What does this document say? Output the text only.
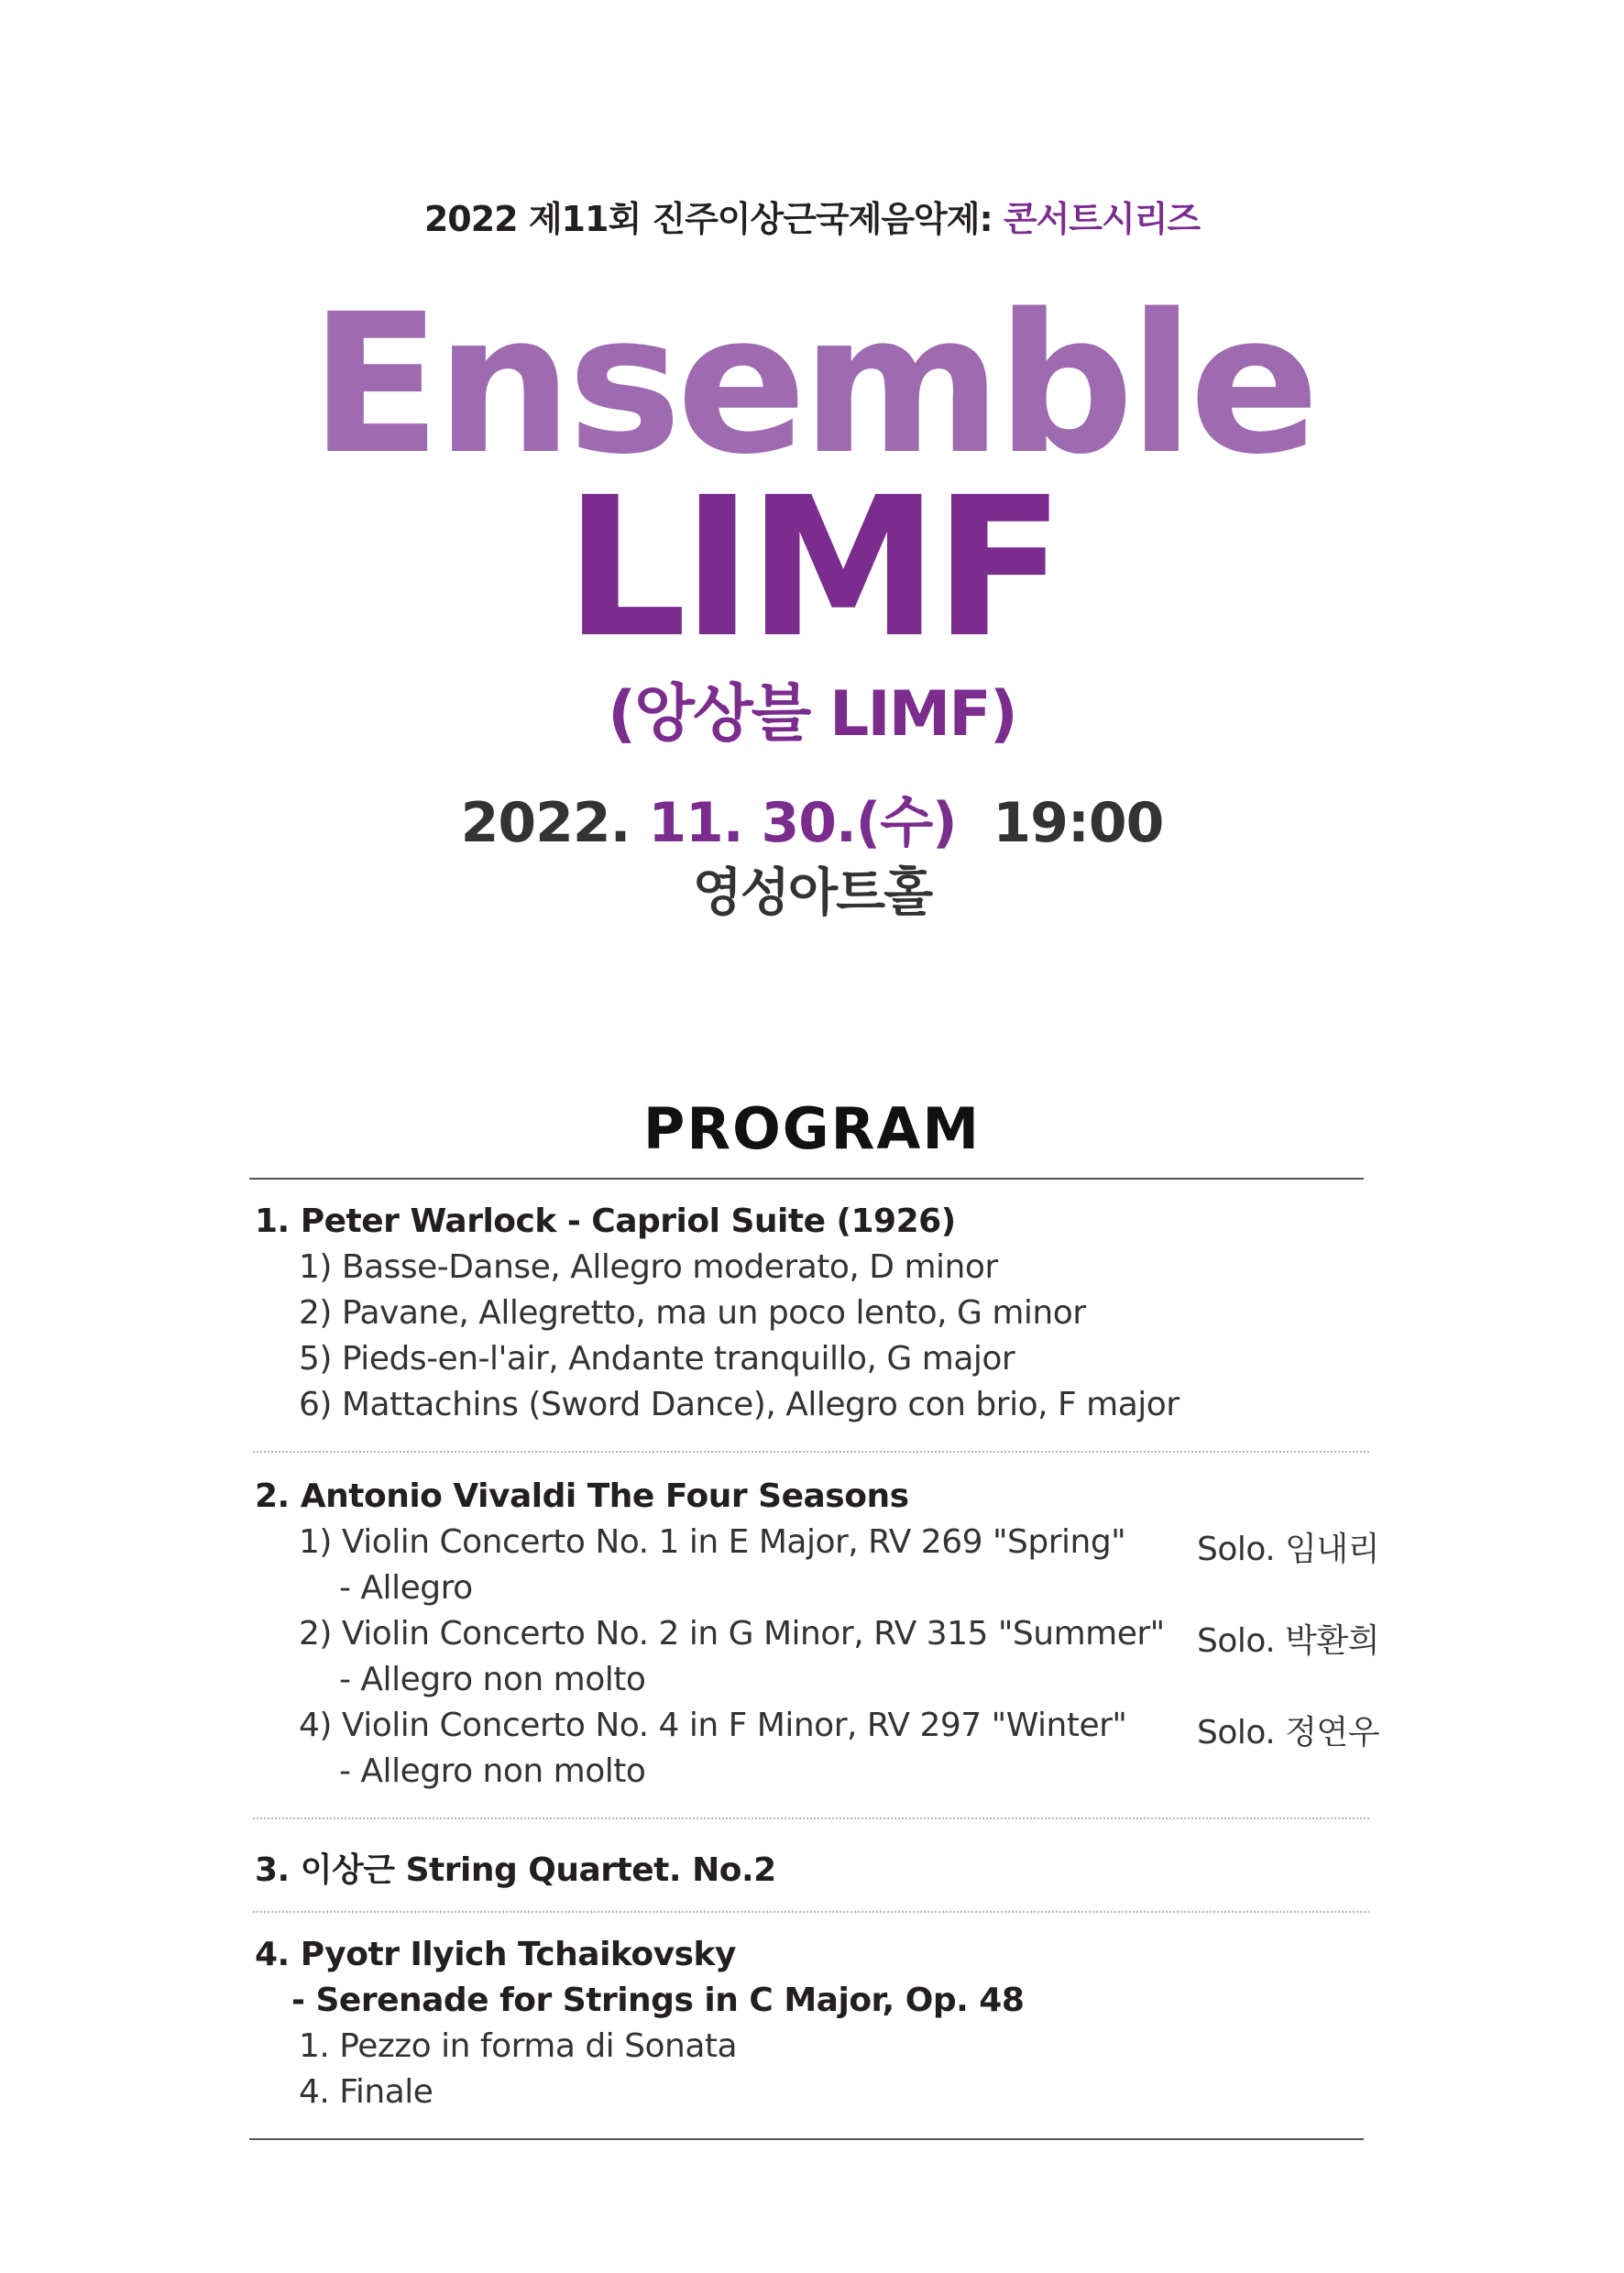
2022 제11회 진주이상근국제음악제: 콘서트시리즈
Ensemble
LIMF
(앙상블 LIMF)
2022. 11. 30.(수) 19:00
영성아트홀
PROGRAM
1. Peter Warlock - Capriol Suite (1926)
1) Basse-Danse, Allegro moderato, D minor
2) Pavane, Allegretto, ma un poco lento, G minor
5) Pieds-en-l'air, Andante tranquillo, G major
6) Mattachins (Sword Dance), Allegro con brio, F major
2. Antonio Vivaldi The Four Seasons
1) Violin Concerto No. 1 in E Major, RV 269 "Spring" Solo. 임내리
- Allegro
2) Violin Concerto No. 2 in G Minor, RV 315 "Summer" Solo. 박환희
- Allegro non molto
4) Violin Concerto No. 4 in F Minor, RV 297 "Winter" Solo. 정연우
- Allegro non molto
3. 이상근 String Quartet. No.2
4. Pyotr Ilyich Tchaikovsky
- Serenade for Strings in C Major, Op. 48
1. Pezzo in forma di Sonata
4. Finale
